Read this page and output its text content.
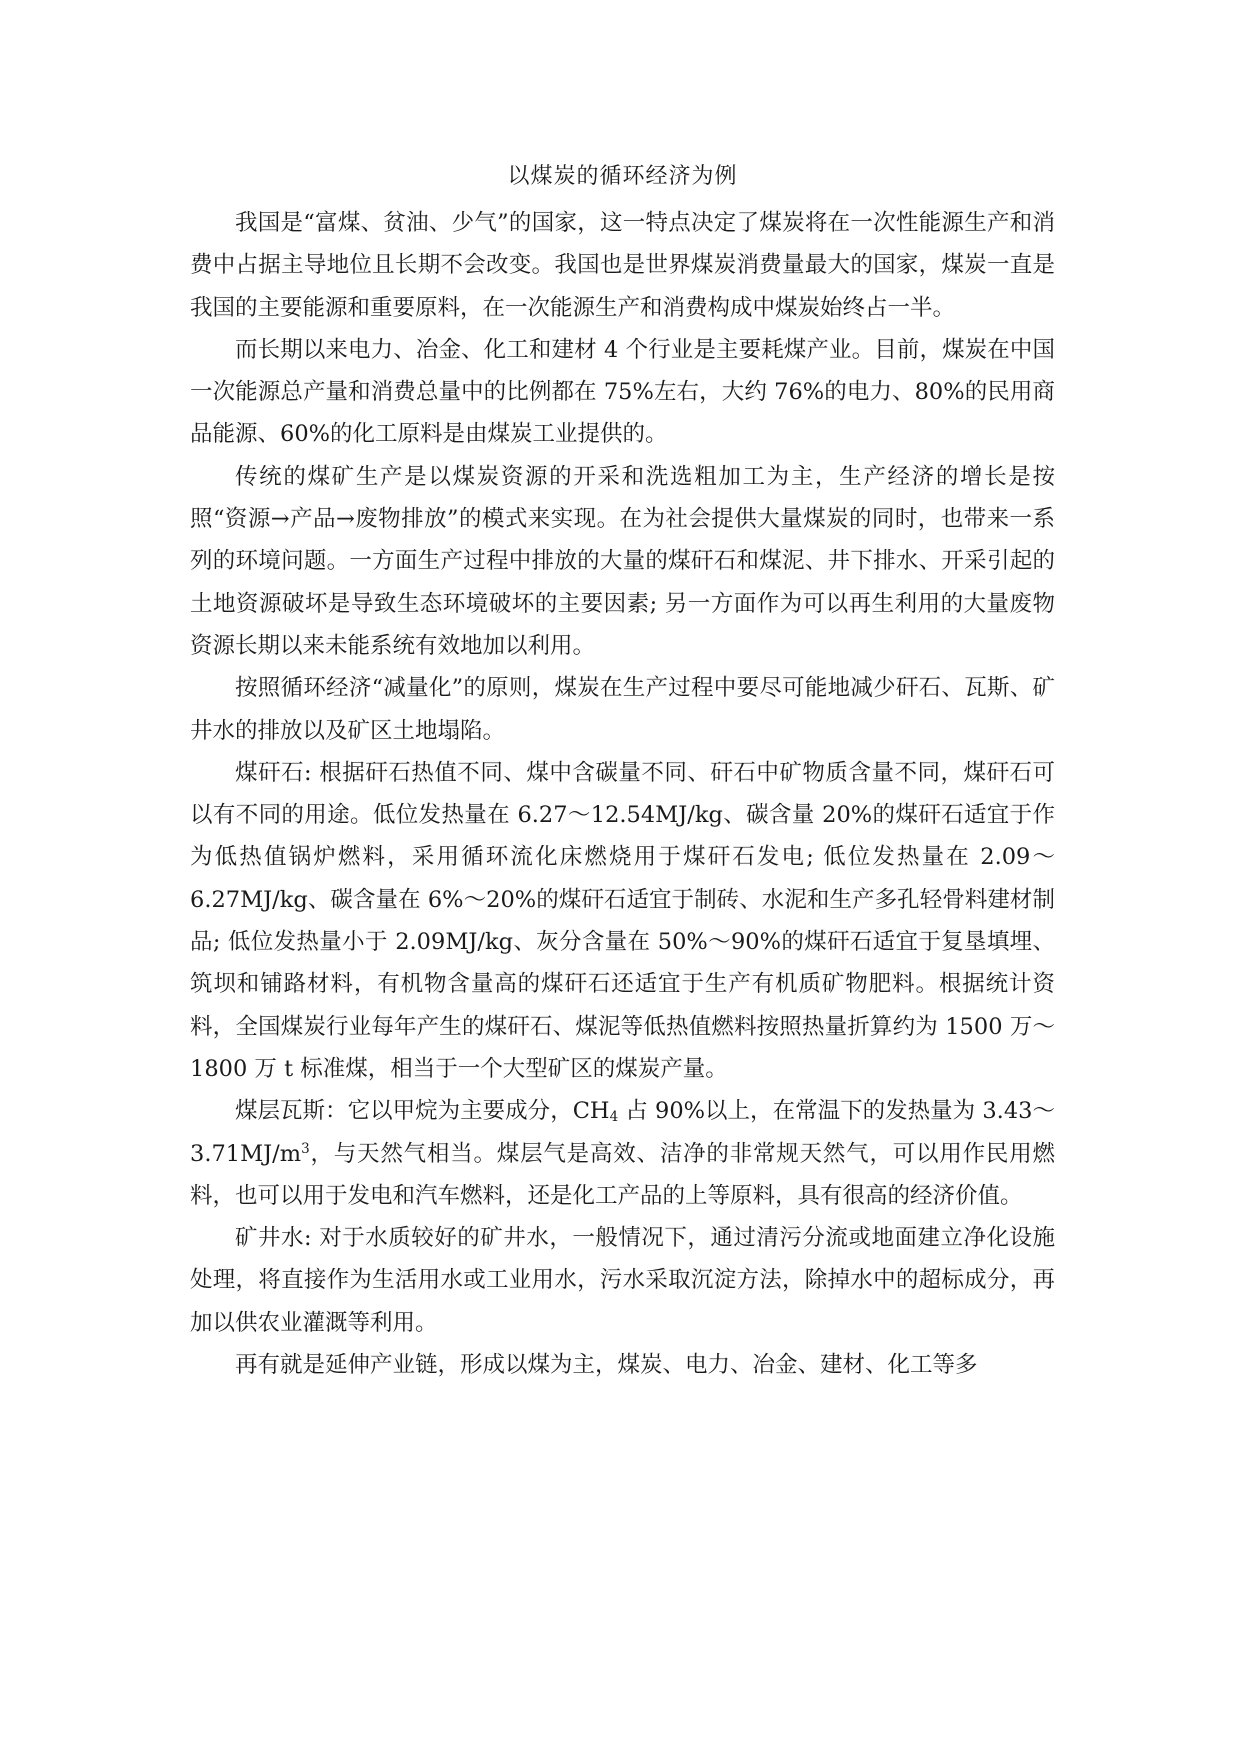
以煤炭的循环经济为例

我国是“富煤、贫油、少气”的国家，这一特点决定了煤炭将在一次性能源生产和消费中占据主导地位且长期不会改变。我国也是世界煤炭消费量最大的国家，煤炭一直是我国的主要能源和重要原料，在一次能源生产和消费构成中煤炭始终占一半。

而长期以来电力、冶金、化工和建材 4 个行业是主要耗煤产业。目前，煤炭在中国一次能源总产量和消费总量中的比例都在 75%左右，大约 76%的电力、80%的民用商品能源、60%的化工原料是由煤炭工业提供的。

传统的煤矿生产是以煤炭资源的开采和洗选粗加工为主，生产经济的增长是按照“资源→产品→废物排放”的模式来实现。在为社会提供大量煤炭的同时，也带来一系列的环境问题。一方面生产过程中排放的大量的煤矸石和煤泥、井下排水、开采引起的土地资源破坏是导致生态环境破坏的主要因素; 另一方面作为可以再生利用的大量废物资源长期以来未能系统有效地加以利用。

按照循环经济“减量化”的原则，煤炭在生产过程中要尽可能地减少矸石、瓦斯、矿井水的排放以及矿区土地塌陷。

煤矸石: 根据矸石热值不同、煤中含碳量不同、矸石中矿物质含量不同，煤矸石可以有不同的用途。低位发热量在 6.27～12.54MJ/kg、碳含量 20%的煤矸石适宜于作为低热值锅炉燃料，采用循环流化床燃烧用于煤矸石发电; 低位发热量在 2.09～6.27MJ/kg、碳含量在 6%～20%的煤矸石适宜于制砖、水泥和生产多孔轻骨料建材制品; 低位发热量小于 2.09MJ/kg、灰分含量在 50%～90%的煤矸石适宜于复垦填埋、筑坝和铺路材料，有机物含量高的煤矸石还适宜于生产有机质矿物肥料。根据统计资料，全国煤炭行业每年产生的煤矸石、煤泥等低热值燃料按照热量折算约为 1500 万～1800 万 t 标准煤，相当于一个大型矿区的煤炭产量。

煤层瓦斯：它以甲烷为主要成分，$CH_4$ 占 90%以上，在常温下的发热量为 $3.43\sim 3.71MJ/m^3$，与天然气相当。煤层气是高效、洁净的非常规天然气，可以用作民用燃料，也可以用于发电和汽车燃料，还是化工产品的上等原料，具有很高的经济价值。

矿井水: 对于水质较好的矿井水，一般情况下，通过清污分流或地面建立净化设施处理，将直接作为生活用水或工业用水，污水采取沉淀方法，除掉水中的超标成分，再加以供农业灌溉等利用。

再有就是延伸产业链，形成以煤为主，煤炭、电力、冶金、建材、化工等多
